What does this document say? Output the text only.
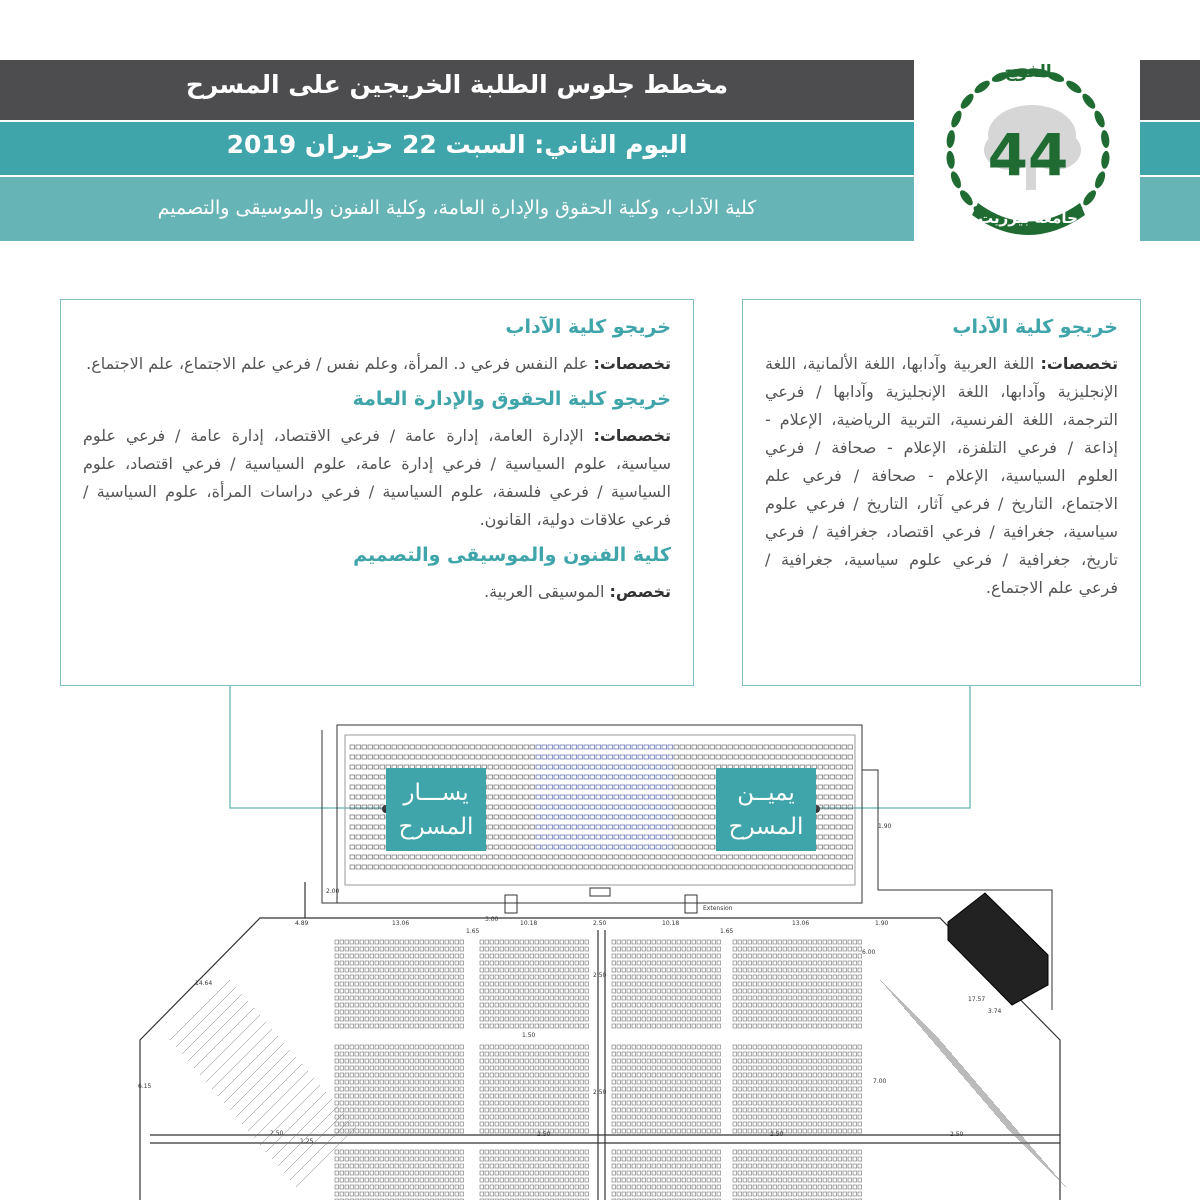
مخطط جلوس الطلبة الخريجين على المسرح
اليوم الثاني: السبت 22 حزيران 2019
كلية الآداب، وكلية الحقوق والإدارة العامة، وكلية الفنون والموسيقى والتصميم
الفوج
44
جامعة بيرزيت
خريجو كلية الآداب

تخصصات: علم النفس فرعي د. المرأة، وعلم نفس / فرعي علم الاجتماع، علم الاجتماع.

خريجو كلية الحقوق والإدارة العامة

تخصصات: الإدارة العامة، إدارة عامة / فرعي الاقتصاد، إدارة عامة / فرعي علوم سياسية، علوم السياسية / فرعي إدارة عامة، علوم السياسية / فرعي اقتصاد، علوم السياسية / فرعي فلسفة، علوم السياسية / فرعي دراسات المرأة، علوم السياسية / فرعي علاقات دولية، القانون.

كلية الفنون والموسيقى والتصميم

تخصص: الموسيقى العربية.

خريجو كلية الآداب

تخصصات: اللغة العربية وآدابها، اللغة الألمانية، اللغة الإنجليزية وآدابها، اللغة الإنجليزية وآدابها / فرعي الترجمة، اللغة الفرنسية، التربية الرياضية، الإعلام - إذاعة / فرعي التلفزة، الإعلام - صحافة / فرعي العلوم السياسية، الإعلام - صحافة / فرعي علم الاجتماع، التاريخ / فرعي آثار، التاريخ / فرعي علوم سياسية، جغرافية / فرعي اقتصاد، جغرافية / فرعي تاريخ، جغرافية / فرعي علوم سياسية، جغرافية / فرعي علم الاجتماع.

2.00
4.89	13.06
3.00
10.18	2.50	10.18	13.06	1.90
1.65	1.65
14.64
2.50
1.50
6.15
2.50
2.50
1.25
2.50	2.50	2.50
7.00
17.57
3.74
6.00
1.90
Extension
يســـار
المسرح
يميــن
المسرح
